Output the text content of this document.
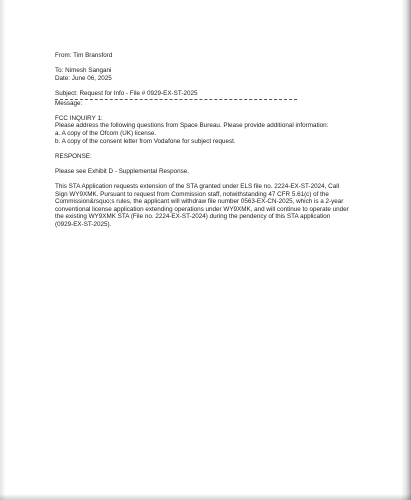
From: Tim Bransford
To: Nimesh Sangani
Date: June 06, 2025
Subject: Request for Info - File # 0929-EX-ST-2025
Message:
FCC INQUIRY 1:
Please address the following questions from Space Bureau. Please provide additional information:
a. A copy of the Ofcom (UK) license.
b. A copy of the consent letter from Vodafone for subject request.
RESPONSE:
Please see Exhibit D - Supplemental Response.
This STA Application requests extension of the STA granted under ELS file no. 2224-EX-ST-2024, Call
Sign WY9XMK. Pursuant to request from Commission staff, notwithstanding 47 CFR 5.61(c) of the
Commission&rsquo;s rules, the applicant will withdraw file number 0563-EX-CN-2025, which is a 2-year
conventional license application extending operations under WY9XMK, and will continue to operate under
the existing WY9XMK STA (File no. 2224-EX-ST-2024) during the pendency of this STA application
(0929-EX-ST-2025).
